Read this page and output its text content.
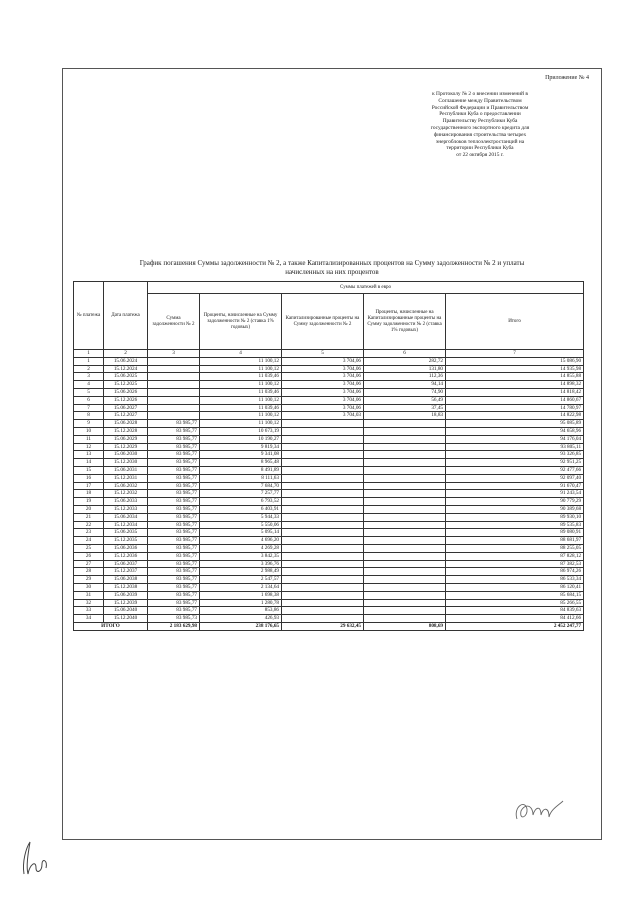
Приложение № 4
к Протоколу № 2 о внесении изменений в
Соглашение между Правительством
Российской Федерации и Правительством
Республики Куба о предоставлении
Правительству Республики Куба
государственного экспортного кредита для
финансирования строительства четырех
энергоблоков теплоэлектростанций на
территории Республики Куба
от 22 октября 2015 г.
График погашения Суммы задолженности № 2, а также Капитализированных процентов на Сумму задолженности № 2 и уплаты
начисленных на них процентов
№ платежа	Дата платежа	Суммы платежей в евро				
		Сумма задолженности № 2	Проценты, начисленные на Сумму задолженности № 2 (ставка 1% годовых)	Капитализированные проценты на Сумму задолженности № 2	Проценты, начисленные на Капитализированные проценты на Сумму задолженности № 2 (ставка 1% годовых)	Итого
1	2	3	4	5	6	7
1	15.06.2024		11 100,12	3 704,06	282,72	15 086,90
2	15.12.2024		11 100,12	3 704,06	131,80	14 935,98
3	15.06.2025		11 039,46	3 704,06	112,36	14 855,88
4	15.12.2025		11 100,12	3 704,06	94,14	14 898,32
5	15.06.2026		11 039,46	3 704,06	74,90	14 818,42
6	15.12.2026		11 100,12	3 704,06	56,49	14 860,67
7	15.06.2027		11 039,46	3 704,06	37,45	14 780,97
8	15.12.2027		11 100,12	3 704,03	18,83	14 822,98
9	15.06.2028	83 985,77	11 100,12			95 085,89
10	15.12.2028	83 985,77	10 673,19			94 658,96
11	15.06.2029	83 985,77	10 190,27			94 176,04
12	15.12.2029	83 985,77	9 819,34			93 805,11
13	15.06.2030	83 985,77	9 341,08			93 326,85
14	15.12.2030	83 985,77	8 965,48			92 951,25
15	15.06.2031	83 985,77	8 491,89			92 477,66
16	15.12.2031	83 985,77	8 111,63			92 097,40
17	15.06.2032	83 985,77	7 684,70			91 670,47
18	15.12.2032	83 985,77	7 257,77			91 243,54
19	15.06.2033	83 985,77	6 793,52			90 779,29
20	15.12.2033	83 985,77	6 403,91			90 389,68
21	15.06.2034	83 985,77	5 944,33			89 930,10
22	15.12.2034	83 985,77	5 550,06			89 535,83
23	15.06.2035	83 985,77	5 095,14			89 080,91
24	15.12.2035	83 985,77	4 696,20			88 681,97
25	15.06.2036	83 985,77	4 269,28			88 255,05
26	15.12.2036	83 985,77	3 842,35			87 828,12
27	15.06.2037	83 985,77	3 396,76			87 382,53
28	15.12.2037	83 985,77	2 988,49			86 974,26
29	15.06.2038	83 985,77	2 547,57			86 533,34
30	15.12.2038	83 985,77	2 134,64			86 120,41
31	15.06.2039	83 985,77	1 698,38			85 684,15
32	15.12.2039	83 985,77	1 280,78			85 266,55
33	15.06.2040	83 985,77	853,86			84 839,63
34	15.12.2040	83 985,73	426,93			84 412,66
ИТОГО		2 183 629,98	238 176,65	29 632,45	808,69	2 452 247,77
